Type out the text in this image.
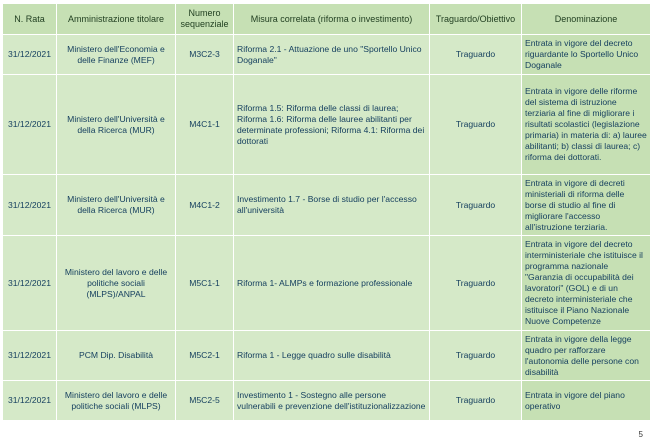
N. Rata	Amministrazione titolare	Numero sequenziale	Misura correlata (riforma o investimento)	Traguardo/Obiettivo	Denominazione
31/12/2021	Ministero dell'Economia e delle Finanze (MEF)	M3C2-3	Riforma 2.1 - Attuazione de uno "Sportello Unico Doganale"	Traguardo	Entrata in vigore del decreto riguardante lo Sportello Unico Doganale
31/12/2021	Ministero dell'Università e della Ricerca (MUR)	M4C1-1	Riforma 1.5: Riforma delle classi di laurea; Riforma 1.6: Riforma delle lauree abilitanti per determinate professioni; Riforma 4.1: Riforma dei dottorati	Traguardo	Entrata in vigore delle riforme del sistema di istruzione terziaria al fine di migliorare i risultati scolastici (legislazione primaria) in materia di: a) lauree abilitanti; b) classi di laurea; c) riforma dei dottorati.
31/12/2021	Ministero dell'Università e della Ricerca (MUR)	M4C1-2	Investimento 1.7 - Borse di studio per l'accesso all'università	Traguardo	Entrata in vigore di decreti ministeriali di riforma delle borse di studio al fine di migliorare l'accesso all'istruzione terziaria.
31/12/2021	Ministero del lavoro e delle politiche sociali (MLPS)/ANPAL	M5C1-1	Riforma 1- ALMPs e formazione professionale	Traguardo	Entrata in vigore del decreto interministeriale che istituisce il programma nazionale "Garanzia di occupabilità dei lavoratori" (GOL) e di un decreto interministeriale che istituisce il Piano Nazionale Nuove Competenze
31/12/2021	PCM Dip. Disabilità	M5C2-1	Riforma 1 - Legge quadro sulle disabilità	Traguardo	Entrata in vigore della legge quadro per rafforzare l'autonomia delle persone con disabilità
31/12/2021	Ministero del lavoro e delle politiche sociali (MLPS)	M5C2-5	Investimento 1 - Sostegno alle persone vulnerabili e prevenzione dell'istituzionalizzazione	Traguardo	Entrata in vigore del piano operativo
5
